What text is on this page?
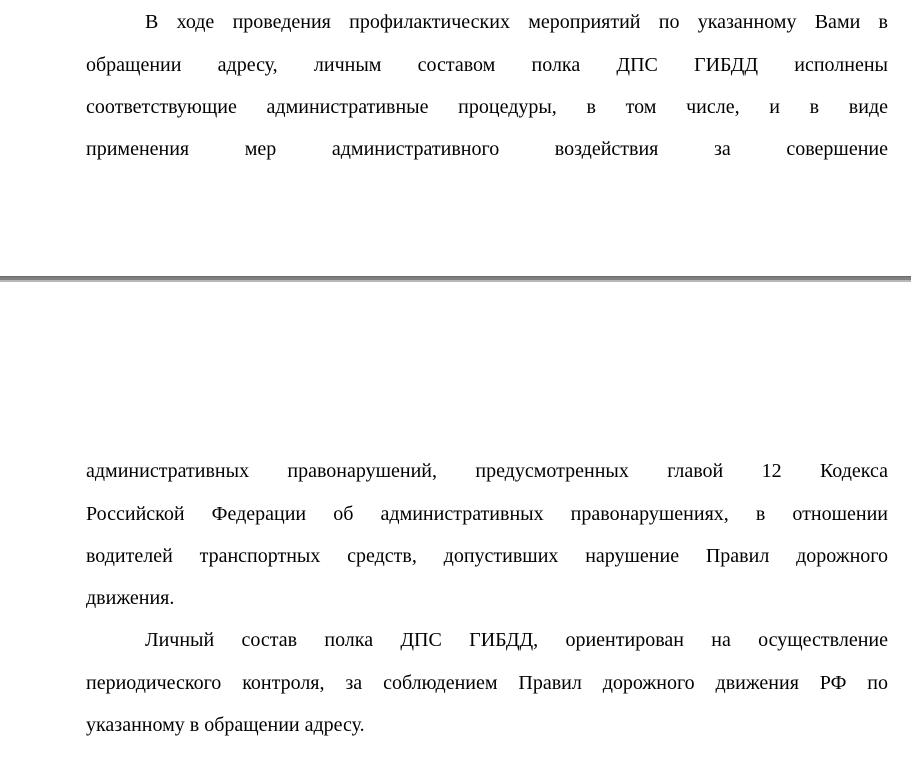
В ходе проведения профилактических мероприятий по указанному Вами в
обращении адресу, личным составом полка ДПС ГИБДД исполнены
соответствующие административные процедуры, в том числе, и в виде
применения мер административного воздействия за совершение
административных правонарушений, предусмотренных главой 12 Кодекса
Российской Федерации об административных правонарушениях, в отношении
водителей транспортных средств, допустивших нарушение Правил дорожного
движения.
Личный состав полка ДПС ГИБДД, ориентирован на осуществление
периодического контроля, за соблюдением Правил дорожного движения РФ по
указанному в обращении адресу.
